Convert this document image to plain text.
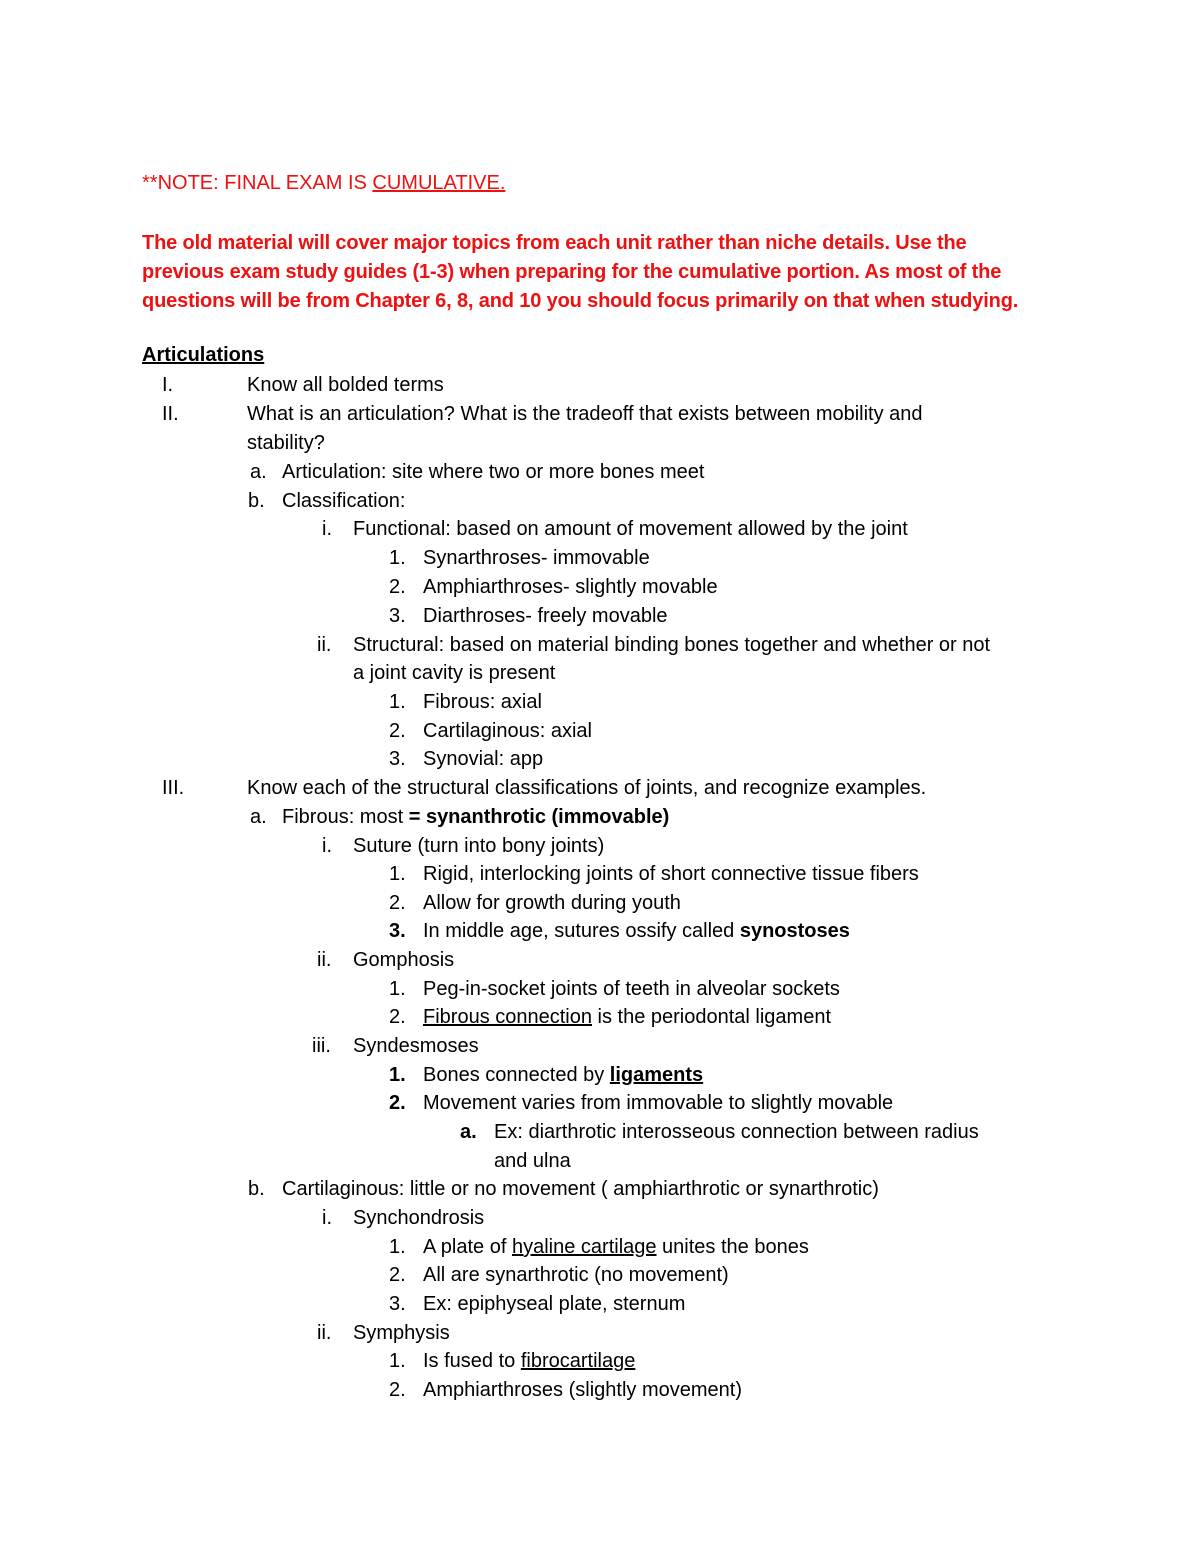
**NOTE: FINAL EXAM IS CUMULATIVE.
The old material will cover major topics from each unit rather than niche details. Use the
previous exam study guides (1-3) when preparing for the cumulative portion. As most of the
questions will be from Chapter 6, 8, and 10 you should focus primarily on that when studying.
Articulations
I.	Know all bolded terms
II.	What is an articulation? What is the tradeoff that exists between mobility and
stability?
a. Articulation: site where two or more bones meet
b. Classification:
i. Functional: based on amount of movement allowed by the joint
1. Synarthroses- immovable
2. Amphiarthroses- slightly movable
3. Diarthroses- freely movable
ii. Structural: based on material binding bones together and whether or not
a joint cavity is present
1. Fibrous: axial
2. Cartilaginous: axial
3. Synovial: app
III.	Know each of the structural classifications of joints, and recognize examples.
a. Fibrous: most = synanthrotic (immovable)
i. Suture (turn into bony joints)
1. Rigid, interlocking joints of short connective tissue fibers
2. Allow for growth during youth
3. In middle age, sutures ossify called synostoses
ii. Gomphosis
1. Peg-in-socket joints of teeth in alveolar sockets
2. Fibrous connection is the periodontal ligament
iii. Syndesmoses
1. Bones connected by ligaments
2. Movement varies from immovable to slightly movable
a. Ex: diarthrotic interosseous connection between radius
and ulna
b. Cartilaginous: little or no movement ( amphiarthrotic or synarthrotic)
i. Synchondrosis
1. A plate of hyaline cartilage unites the bones
2. All are synarthrotic (no movement)
3. Ex: epiphyseal plate, sternum
ii. Symphysis
1. Is fused to fibrocartilage
2. Amphiarthroses (slightly movement)
